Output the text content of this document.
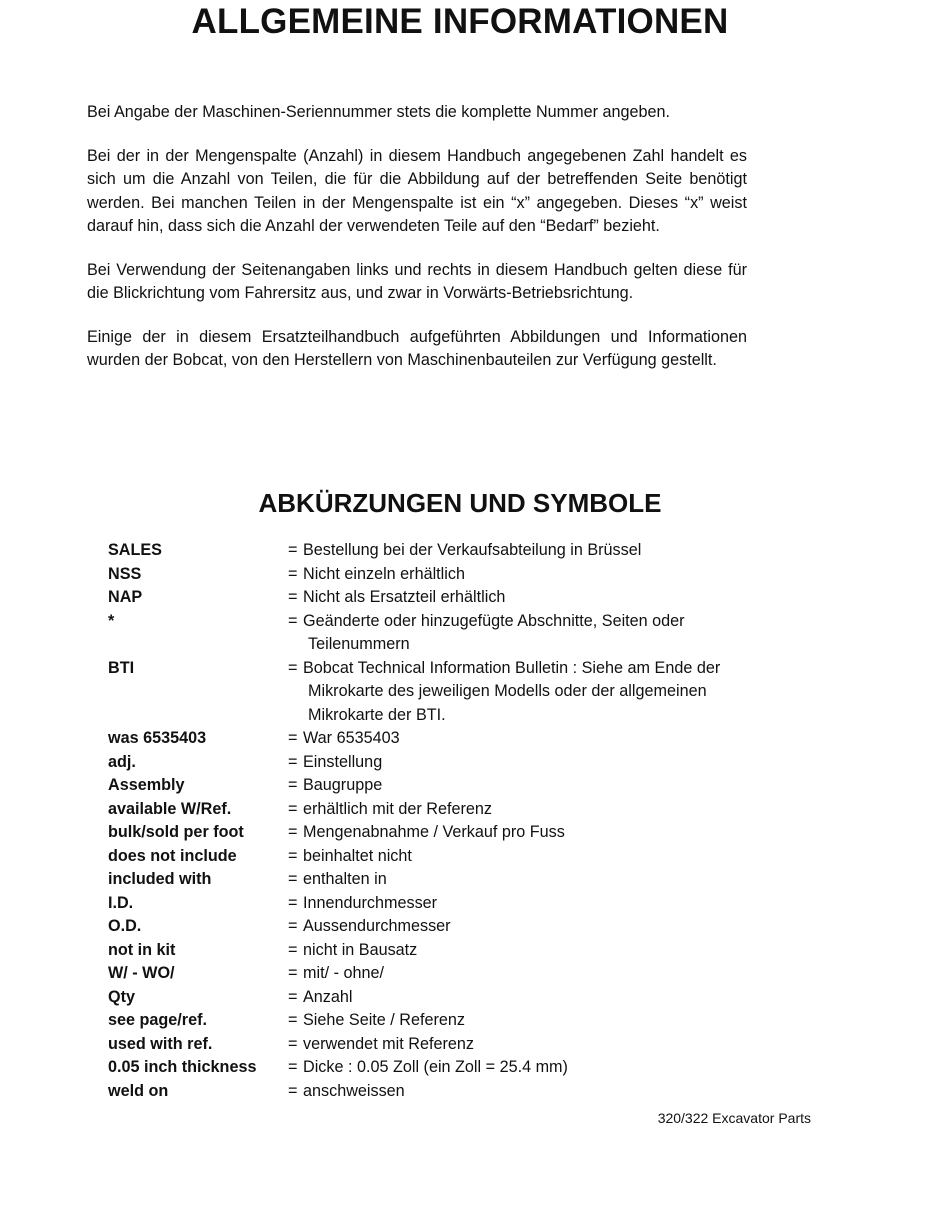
ALLGEMEINE INFORMATIONEN

Bei Angabe der Maschinen-Seriennummer stets die komplette Nummer angeben.

Bei der in der Mengenspalte (Anzahl) in diesem Handbuch angegebenen Zahl handelt es sich um die Anzahl von Teilen, die für die Abbildung auf der betreffenden Seite benötigt werden. Bei manchen Teilen in der Mengenspalte ist ein “x” angegeben. Dieses “x” weist darauf hin, dass sich die Anzahl der verwendeten Teile auf den “Bedarf” bezieht.

Bei Verwendung der Seitenangaben links und rechts in diesem Handbuch gelten diese für die Blickrichtung vom Fahrersitz aus, und zwar in Vorwärts-Betriebsrichtung.

Einige der in diesem Ersatzteilhandbuch aufgeführten Abbildungen und Informationen wurden der Bobcat, von den Herstellern von Maschinenbauteilen zur Verfügung gestellt.

ABKÜRZUNGEN UND SYMBOLE
SALES	= Bestellung bei der Verkaufsabteilung in Brüssel
NSS	= Nicht einzeln erhältlich
NAP	= Nicht als Ersatzteil erhältlich
*	= Geänderte oder hinzugefügte Abschnitte, Seiten oder
Teilenummern
BTI	= Bobcat Technical Information Bulletin : Siehe am Ende der
Mikrokarte des jeweiligen Modells oder der allgemeinen
Mikrokarte der BTI.
was 6535403	= War 6535403
adj.	= Einstellung
Assembly	= Baugruppe
available W/Ref.	= erhältlich mit der Referenz
bulk/sold per foot	= Mengenabnahme / Verkauf pro Fuss
does not include	= beinhaltet nicht
included with	= enthalten in
I.D.	= Innendurchmesser
O.D.	= Aussendurchmesser
not in kit	= nicht in Bausatz
W/ - WO/	= mit/ - ohne/
Qty	= Anzahl
see page/ref.	= Siehe Seite / Referenz
used with ref.	= verwendet mit Referenz
0.05 inch thickness	= Dicke : 0.05 Zoll (ein Zoll = 25.4 mm)
weld on	= anschweissen
320/322 Excavator Parts
